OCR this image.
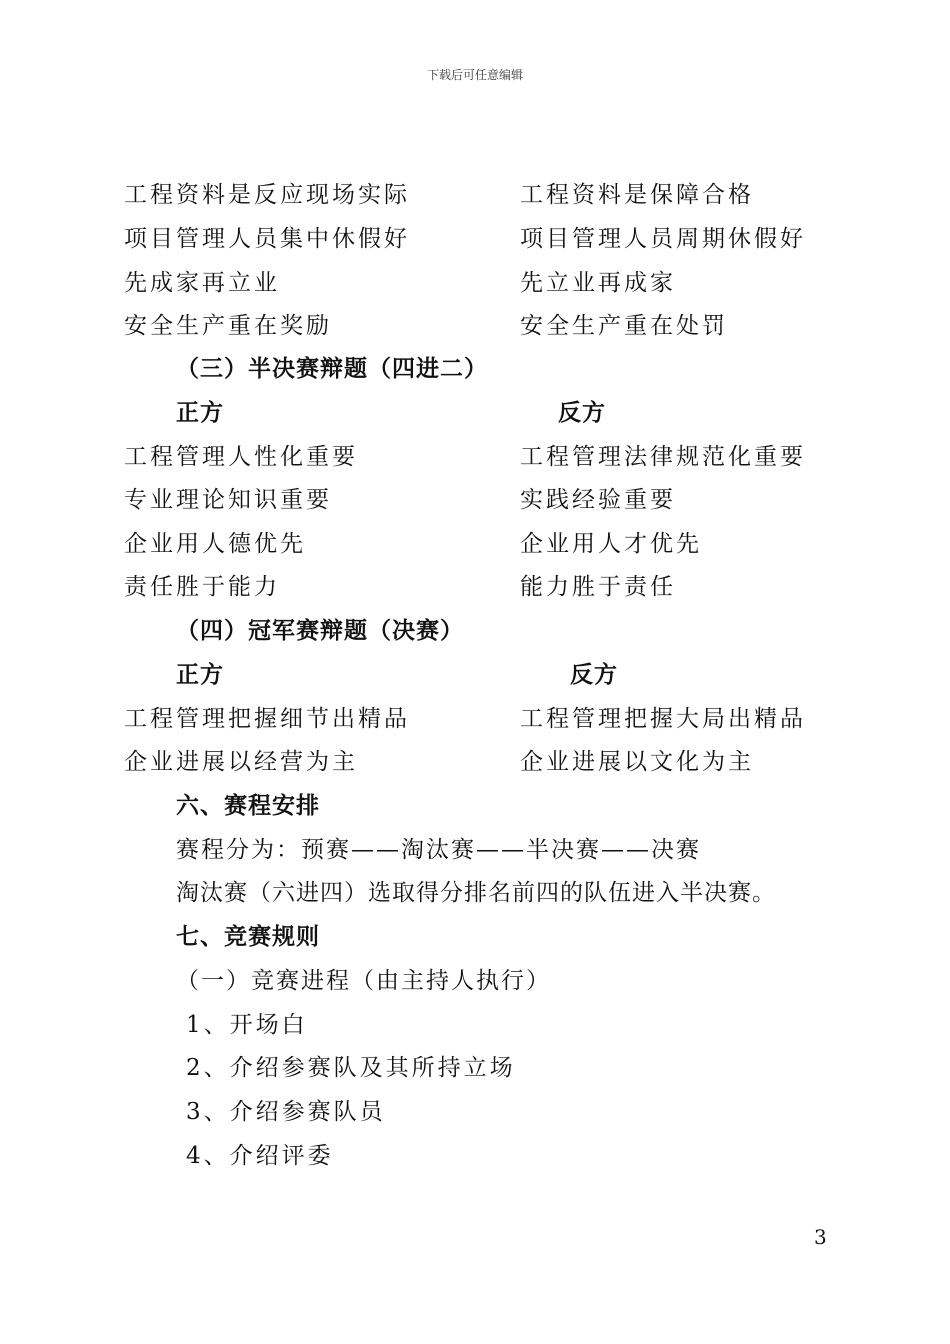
下载后可任意编辑
工程资料是反应现场实际	工程资料是保障合格
项目管理人员集中休假好	项目管理人员周期休假好
先成家再立业	先立业再成家
安全生产重在奖励	安全生产重在处罚
（三）半决赛辩题（四进二）
正方	反方
工程管理人性化重要	工程管理法律规范化重要
专业理论知识重要	实践经验重要
企业用人德优先	企业用人才优先
责任胜于能力	能力胜于责任
（四）冠军赛辩题（决赛）
正方	反方
工程管理把握细节出精品	工程管理把握大局出精品
企业进展以经营为主	企业进展以文化为主
六、赛程安排
赛程分为：预赛——淘汰赛——半决赛——决赛
淘汰赛（六进四）选取得分排名前四的队伍进入半决赛。
七、竞赛规则
（一）竞赛进程（由主持人执行）
1、开场白
2、介绍参赛队及其所持立场
3、介绍参赛队员
4、介绍评委
3
